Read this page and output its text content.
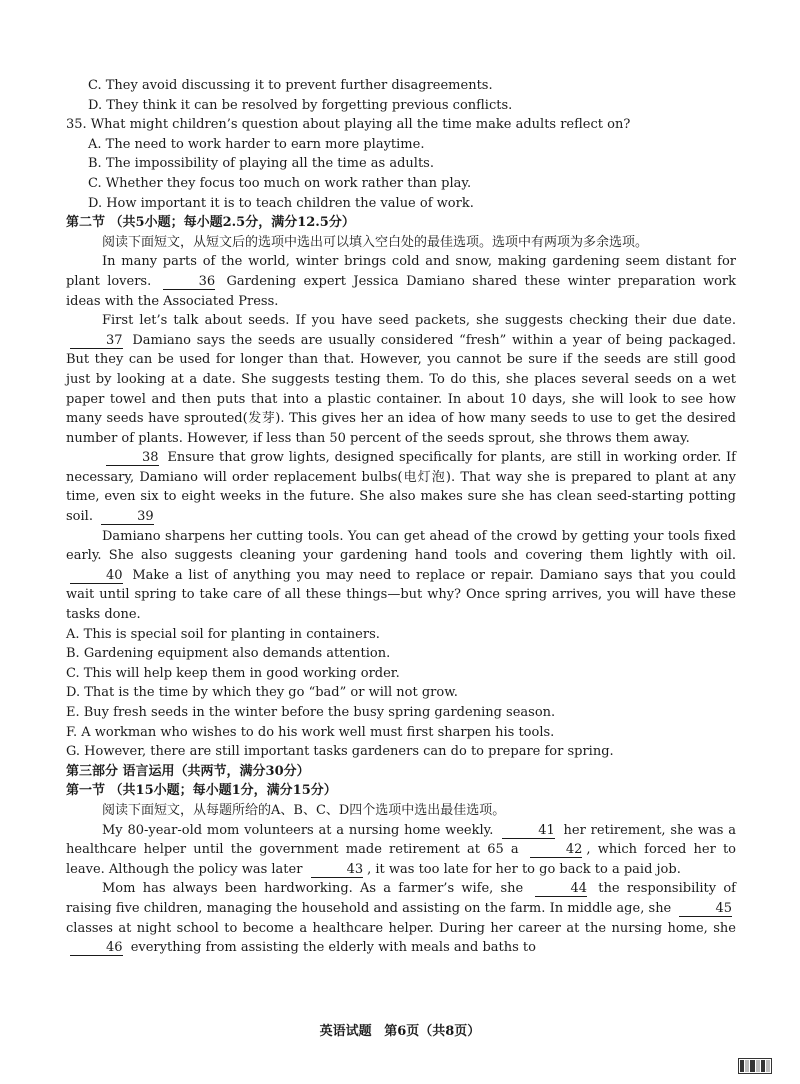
C. They avoid discussing it to prevent further disagreements.
D. They think it can be resolved by forgetting previous conflicts.
35. What might children’s question about playing all the time make adults reflect on?
A. The need to work harder to earn more playtime.
B. The impossibility of playing all the time as adults.
C. Whether they focus too much on work rather than play.
D. How important it is to teach children the value of work.
第二节 （共5小题；每小题2.5分，满分12.5分）

阅读下面短文，从短文后的选项中选出可以填入空白处的最佳选项。选项中有两项为多余选项。

In many parts of the world, winter brings cold and snow, making gardening seem distant for plant lovers.	36 Gardening expert Jessica Damiano shared these winter preparation work ideas with the Associated Press.

First let’s talk about seeds. If you have seed packets, she suggests checking their due date. 37 Damiano says the seeds are usually considered “fresh” within a year of being packaged. But they can be used for longer than that. However, you cannot be sure if the seeds are still good just by looking at a date. She suggests testing them. To do this, she places several seeds on a wet paper towel and then puts that into a plastic container. In about 10 days, she will look to see how many seeds have sprouted(发芽). This gives her an idea of how many seeds to use to get the desired number of plants. However, if less than 50 percent of the seeds sprout, she throws them away.

38 Ensure that grow lights, designed specifically for plants, are still in working order. If necessary, Damiano will order replacement bulbs(电灯泡). That way she is prepared to plant at any time, even six to eight weeks in the future. She also makes sure she has clean seed-starting potting soil.	39

Damiano sharpens her cutting tools. You can get ahead of the crowd by getting your tools fixed early. She also suggests cleaning your gardening hand tools and covering them lightly with oil. 40 Make a list of anything you may need to replace or repair. Damiano says that you could wait until spring to take care of all these things—but why? Once spring arrives, you will have these tasks done.

A. This is special soil for planting in containers.
B. Gardening equipment also demands attention.
C. This will help keep them in good working order.
D. That is the time by which they go “bad” or will not grow.
E. Buy fresh seeds in the winter before the busy spring gardening season.
F. A workman who wishes to do his work well must first sharpen his tools.
G. However, there are still important tasks gardeners can do to prepare for spring.
第三部分 语言运用（共两节，满分30分）
第一节 （共15小题；每小题1分，满分15分）

阅读下面短文，从每题所给的A、B、C、D四个选项中选出最佳选项。

My 80-year-old mom volunteers at a nursing home weekly.	41 her retirement, she was a healthcare helper until the government made retirement at 65 a	42 , which forced her to leave. Although the policy was later	43 , it was too late for her to go back to a paid job.

Mom has always been hardworking. As a farmer’s wife, she	44 the responsibility of raising five children, managing the household and assisting on the farm. In middle age, she	45 classes at night school to become a healthcare helper. During her career at the nursing home, she 46 everything from assisting the elderly with meals and baths to

英语试题 第6页（共8页）
